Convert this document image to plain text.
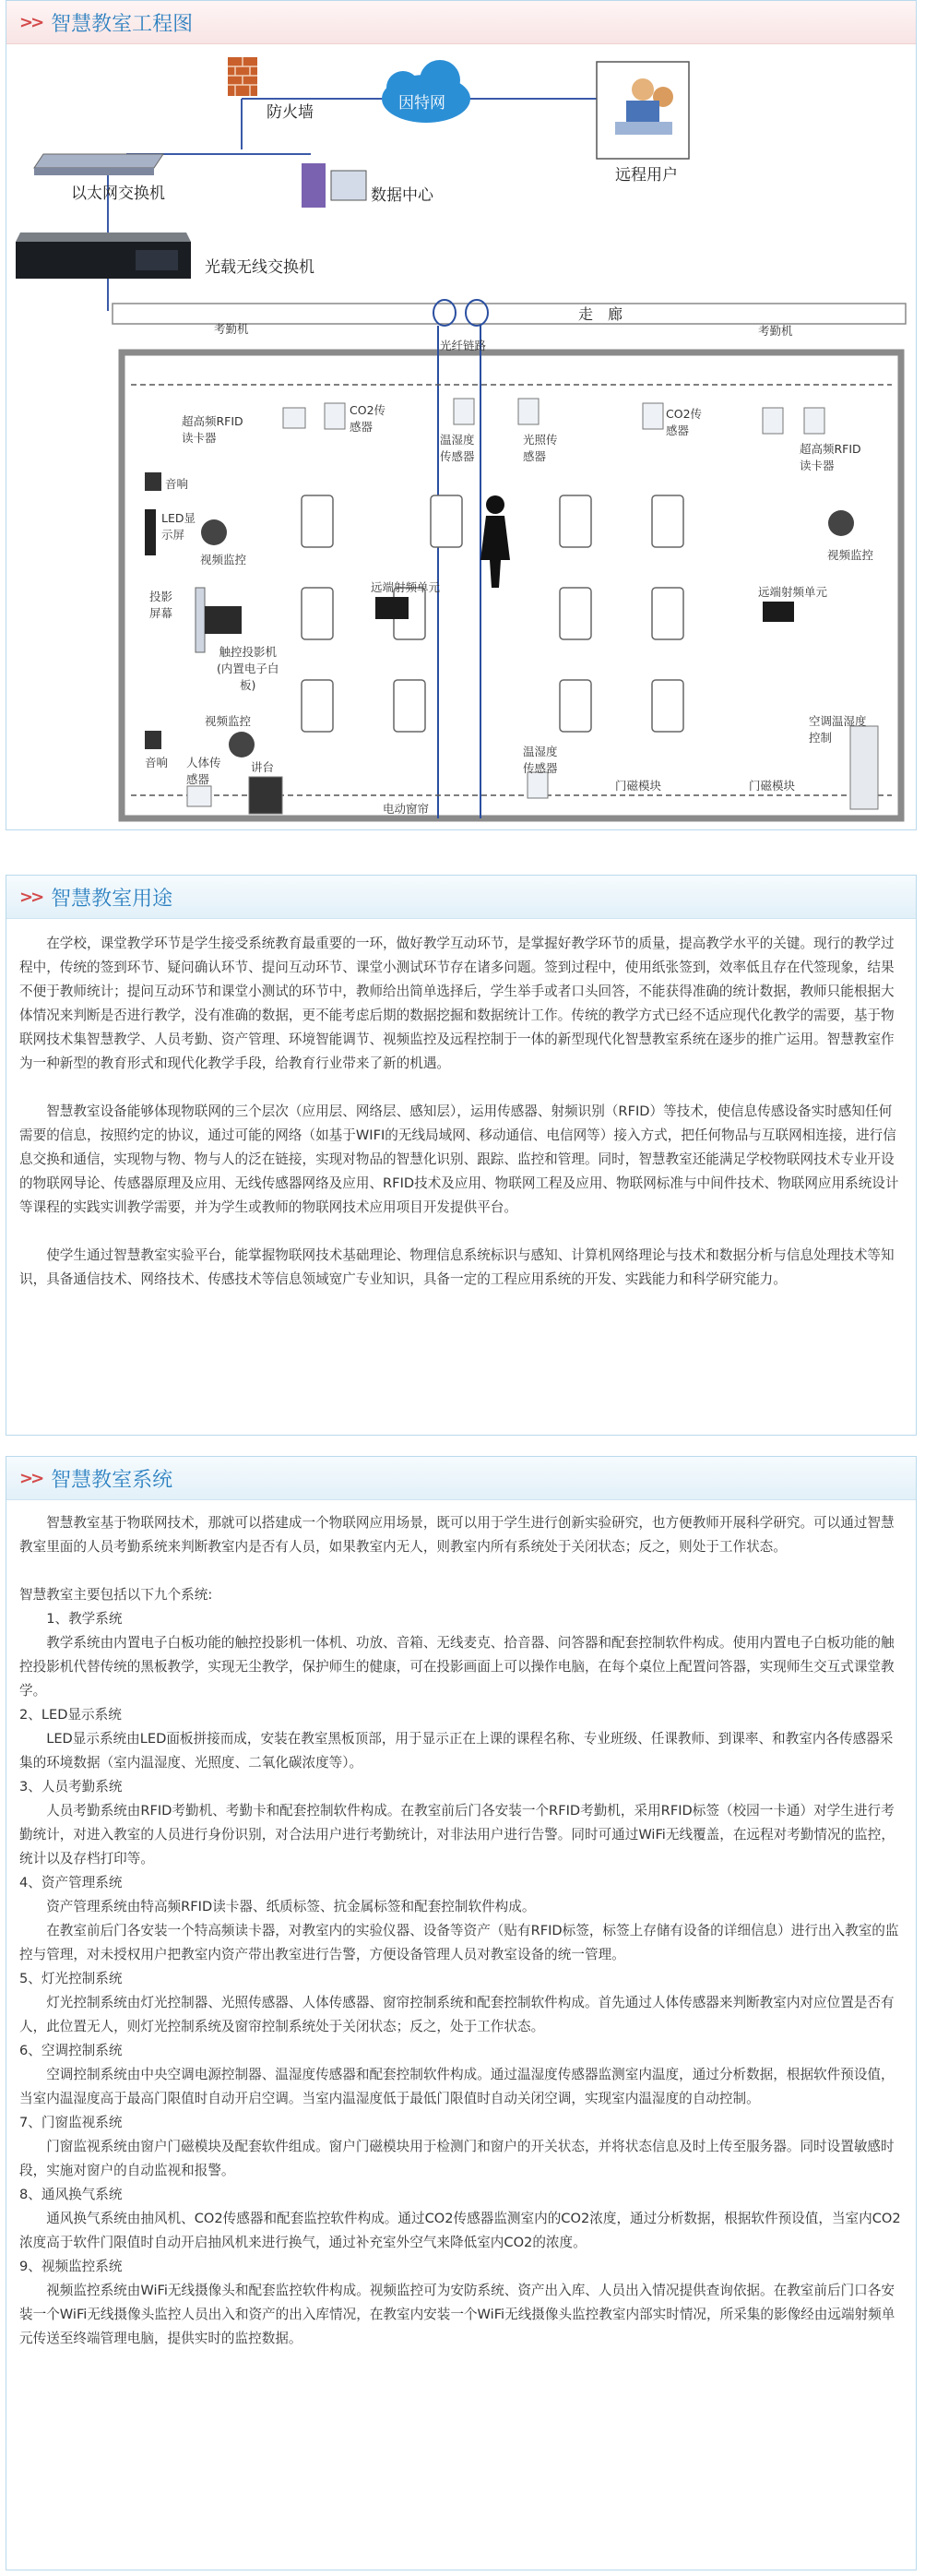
>> 智慧教室工程图
防火墙	因特网
远程用户
以太网交换机	数据中心
光载无线交换机
走　廊
考勤机	考勤机
光纤链路
超高频RFID
读卡器
超高频RFID
读卡器
CO2传
感器
CO2传
感器
温湿度
传感器
光照传
感器
音响
LED显
示屏
视频监控	视频监控
投影
屏幕
触控投影机
(内置电子白
板)
远端射频单元	远端射频单元
视频监控	空调温湿度
控制
音响 人体传
感器
讲台
电动窗帘
温湿度
传感器
门磁模块	门磁模块
>> 智慧教室用途

在学校，课堂教学环节是学生接受系统教育最重要的一环，做好教学互动环节，是掌握好教学环节的质量，提高教学水平的关键。现行的教学过程中，传统的签到环节、疑问确认环节、提问互动环节、课堂小测试环节存在诸多问题。签到过程中，使用纸张签到，效率低且存在代签现象，结果不便于教师统计；提问互动环节和课堂小测试的环节中，教师给出简单选择后，学生举手或者口头回答，不能获得准确的统计数据，教师只能根据大体情况来判断是否进行教学，没有准确的数据，更不能考虑后期的数据挖掘和数据统计工作。传统的教学方式已经不适应现代化教学的需要，基于物联网技术集智慧教学、人员考勤、资产管理、环境智能调节、视频监控及远程控制于一体的新型现代化智慧教室系统在逐步的推广运用。智慧教室作为一种新型的教育形式和现代化教学手段，给教育行业带来了新的机遇。

智慧教室设备能够体现物联网的三个层次（应用层、网络层、感知层），运用传感器、射频识别（RFID）等技术，使信息传感设备实时感知任何需要的信息，按照约定的协议，通过可能的网络（如基于WIFI的无线局域网、移动通信、电信网等）接入方式，把任何物品与互联网相连接，进行信息交换和通信，实现物与物、物与人的泛在链接，实现对物品的智慧化识别、跟踪、监控和管理。同时，智慧教室还能满足学校物联网技术专业开设的物联网导论、传感器原理及应用、无线传感器网络及应用、RFID技术及应用、物联网工程及应用、物联网标准与中间件技术、物联网应用系统设计等课程的实践实训教学需要，并为学生或教师的物联网技术应用项目开发提供平台。

使学生通过智慧教室实验平台，能掌握物联网技术基础理论、物理信息系统标识与感知、计算机网络理论与技术和数据分析与信息处理技术等知识，具备通信技术、网络技术、传感技术等信息领域宽广专业知识，具备一定的工程应用系统的开发、实践能力和科学研究能力。

>> 智慧教室系统

智慧教室基于物联网技术，那就可以搭建成一个物联网应用场景，既可以用于学生进行创新实验研究，也方便教师开展科学研究。可以通过智慧教室里面的人员考勤系统来判断教室内是否有人员，如果教室内无人，则教室内所有系统处于关闭状态；反之，则处于工作状态。

智慧教室主要包括以下九个系统:

1、教学系统

教学系统由内置电子白板功能的触控投影机一体机、功放、音箱、无线麦克、拾音器、问答器和配套控制软件构成。使用内置电子白板功能的触控投影机代替传统的黑板教学，实现无尘教学，保护师生的健康，可在投影画面上可以操作电脑，在每个桌位上配置问答器，实现师生交互式课堂教学。

2、LED显示系统

LED显示系统由LED面板拼接而成，安装在教室黑板顶部，用于显示正在上课的课程名称、专业班级、任课教师、到课率、和教室内各传感器采集的环境数据（室内温湿度、光照度、二氧化碳浓度等）。

3、人员考勤系统

人员考勤系统由RFID考勤机、考勤卡和配套控制软件构成。在教室前后门各安装一个RFID考勤机，采用RFID标签（校园一卡通）对学生进行考勤统计，对进入教室的人员进行身份识别，对合法用户进行考勤统计，对非法用户进行告警。同时可通过WiFi无线覆盖，在远程对考勤情况的监控，统计以及存档打印等。

4、资产管理系统

资产管理系统由特高频RFID读卡器、纸质标签、抗金属标签和配套控制软件构成。

在教室前后门各安装一个特高频读卡器，对教室内的实验仪器、设备等资产（贴有RFID标签，标签上存储有设备的详细信息）进行出入教室的监控与管理，对未授权用户把教室内资产带出教室进行告警，方便设备管理人员对教室设备的统一管理。

5、灯光控制系统

灯光控制系统由灯光控制器、光照传感器、人体传感器、窗帘控制系统和配套控制软件构成。首先通过人体传感器来判断教室内对应位置是否有人，此位置无人，则灯光控制系统及窗帘控制系统处于关闭状态；反之，处于工作状态。

6、空调控制系统

空调控制系统由中央空调电源控制器、温湿度传感器和配套控制软件构成。通过温湿度传感器监测室内温度，通过分析数据，根据软件预设值，当室内温湿度高于最高门限值时自动开启空调。当室内温湿度低于最低门限值时自动关闭空调，实现室内温湿度的自动控制。

7、门窗监视系统

门窗监视系统由窗户门磁模块及配套软件组成。窗户门磁模块用于检测门和窗户的开关状态，并将状态信息及时上传至服务器。同时设置敏感时段，实施对窗户的自动监视和报警。

8、通风换气系统

通风换气系统由抽风机、CO2传感器和配套监控软件构成。通过CO2传感器监测室内的CO2浓度，通过分析数据，根据软件预设值，当室内CO2浓度高于软件门限值时自动开启抽风机来进行换气，通过补充室外空气来降低室内CO2的浓度。

9、视频监控系统

视频监控系统由WiFi无线摄像头和配套监控软件构成。视频监控可为安防系统、资产出入库、人员出入情况提供查询依据。在教室前后门口各安装一个WiFi无线摄像头监控人员出入和资产的出入库情况，在教室内安装一个WiFi无线摄像头监控教室内部实时情况，所采集的影像经由远端射频单元传送至终端管理电脑，提供实时的监控数据。
